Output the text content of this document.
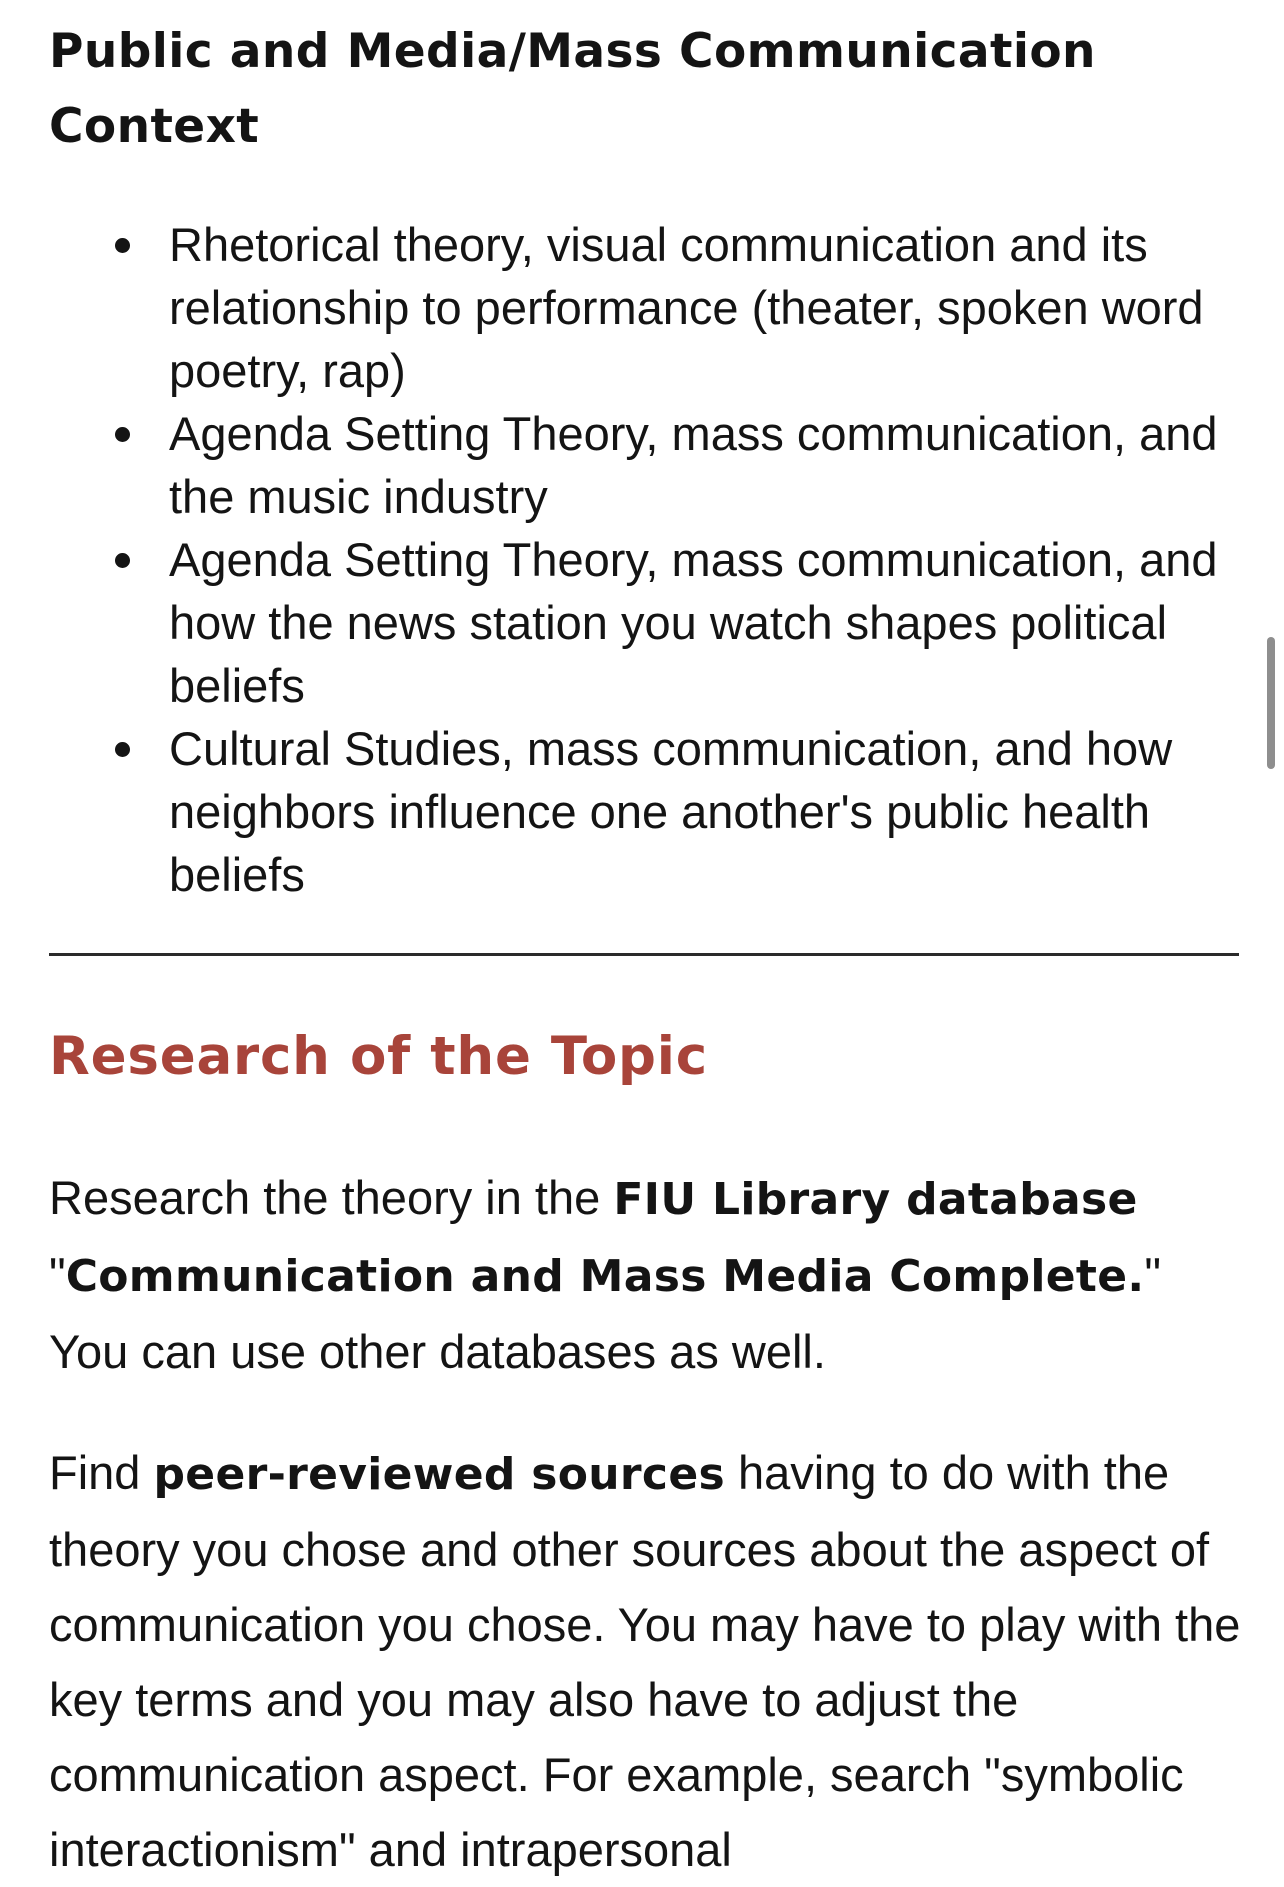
Public and Media/Mass Communication Context
Rhetorical theory, visual communication and its relationship to performance (theater, spoken word poetry, rap)
Agenda Setting Theory, mass communication, and the music industry
Agenda Setting Theory, mass communication, and how the news station you watch shapes political beliefs
Cultural Studies, mass communication, and how neighbors influence one another's public health beliefs
Research of the Topic

Research the theory in the FIU Library database "Communication and Mass Media Complete." You can use other databases as well.

Find peer-reviewed sources having to do with the theory you chose and other sources about the aspect of communication you chose. You may have to play with the key terms and you may also have to adjust the communication aspect. For example, search "symbolic interactionism" and intrapersonal
